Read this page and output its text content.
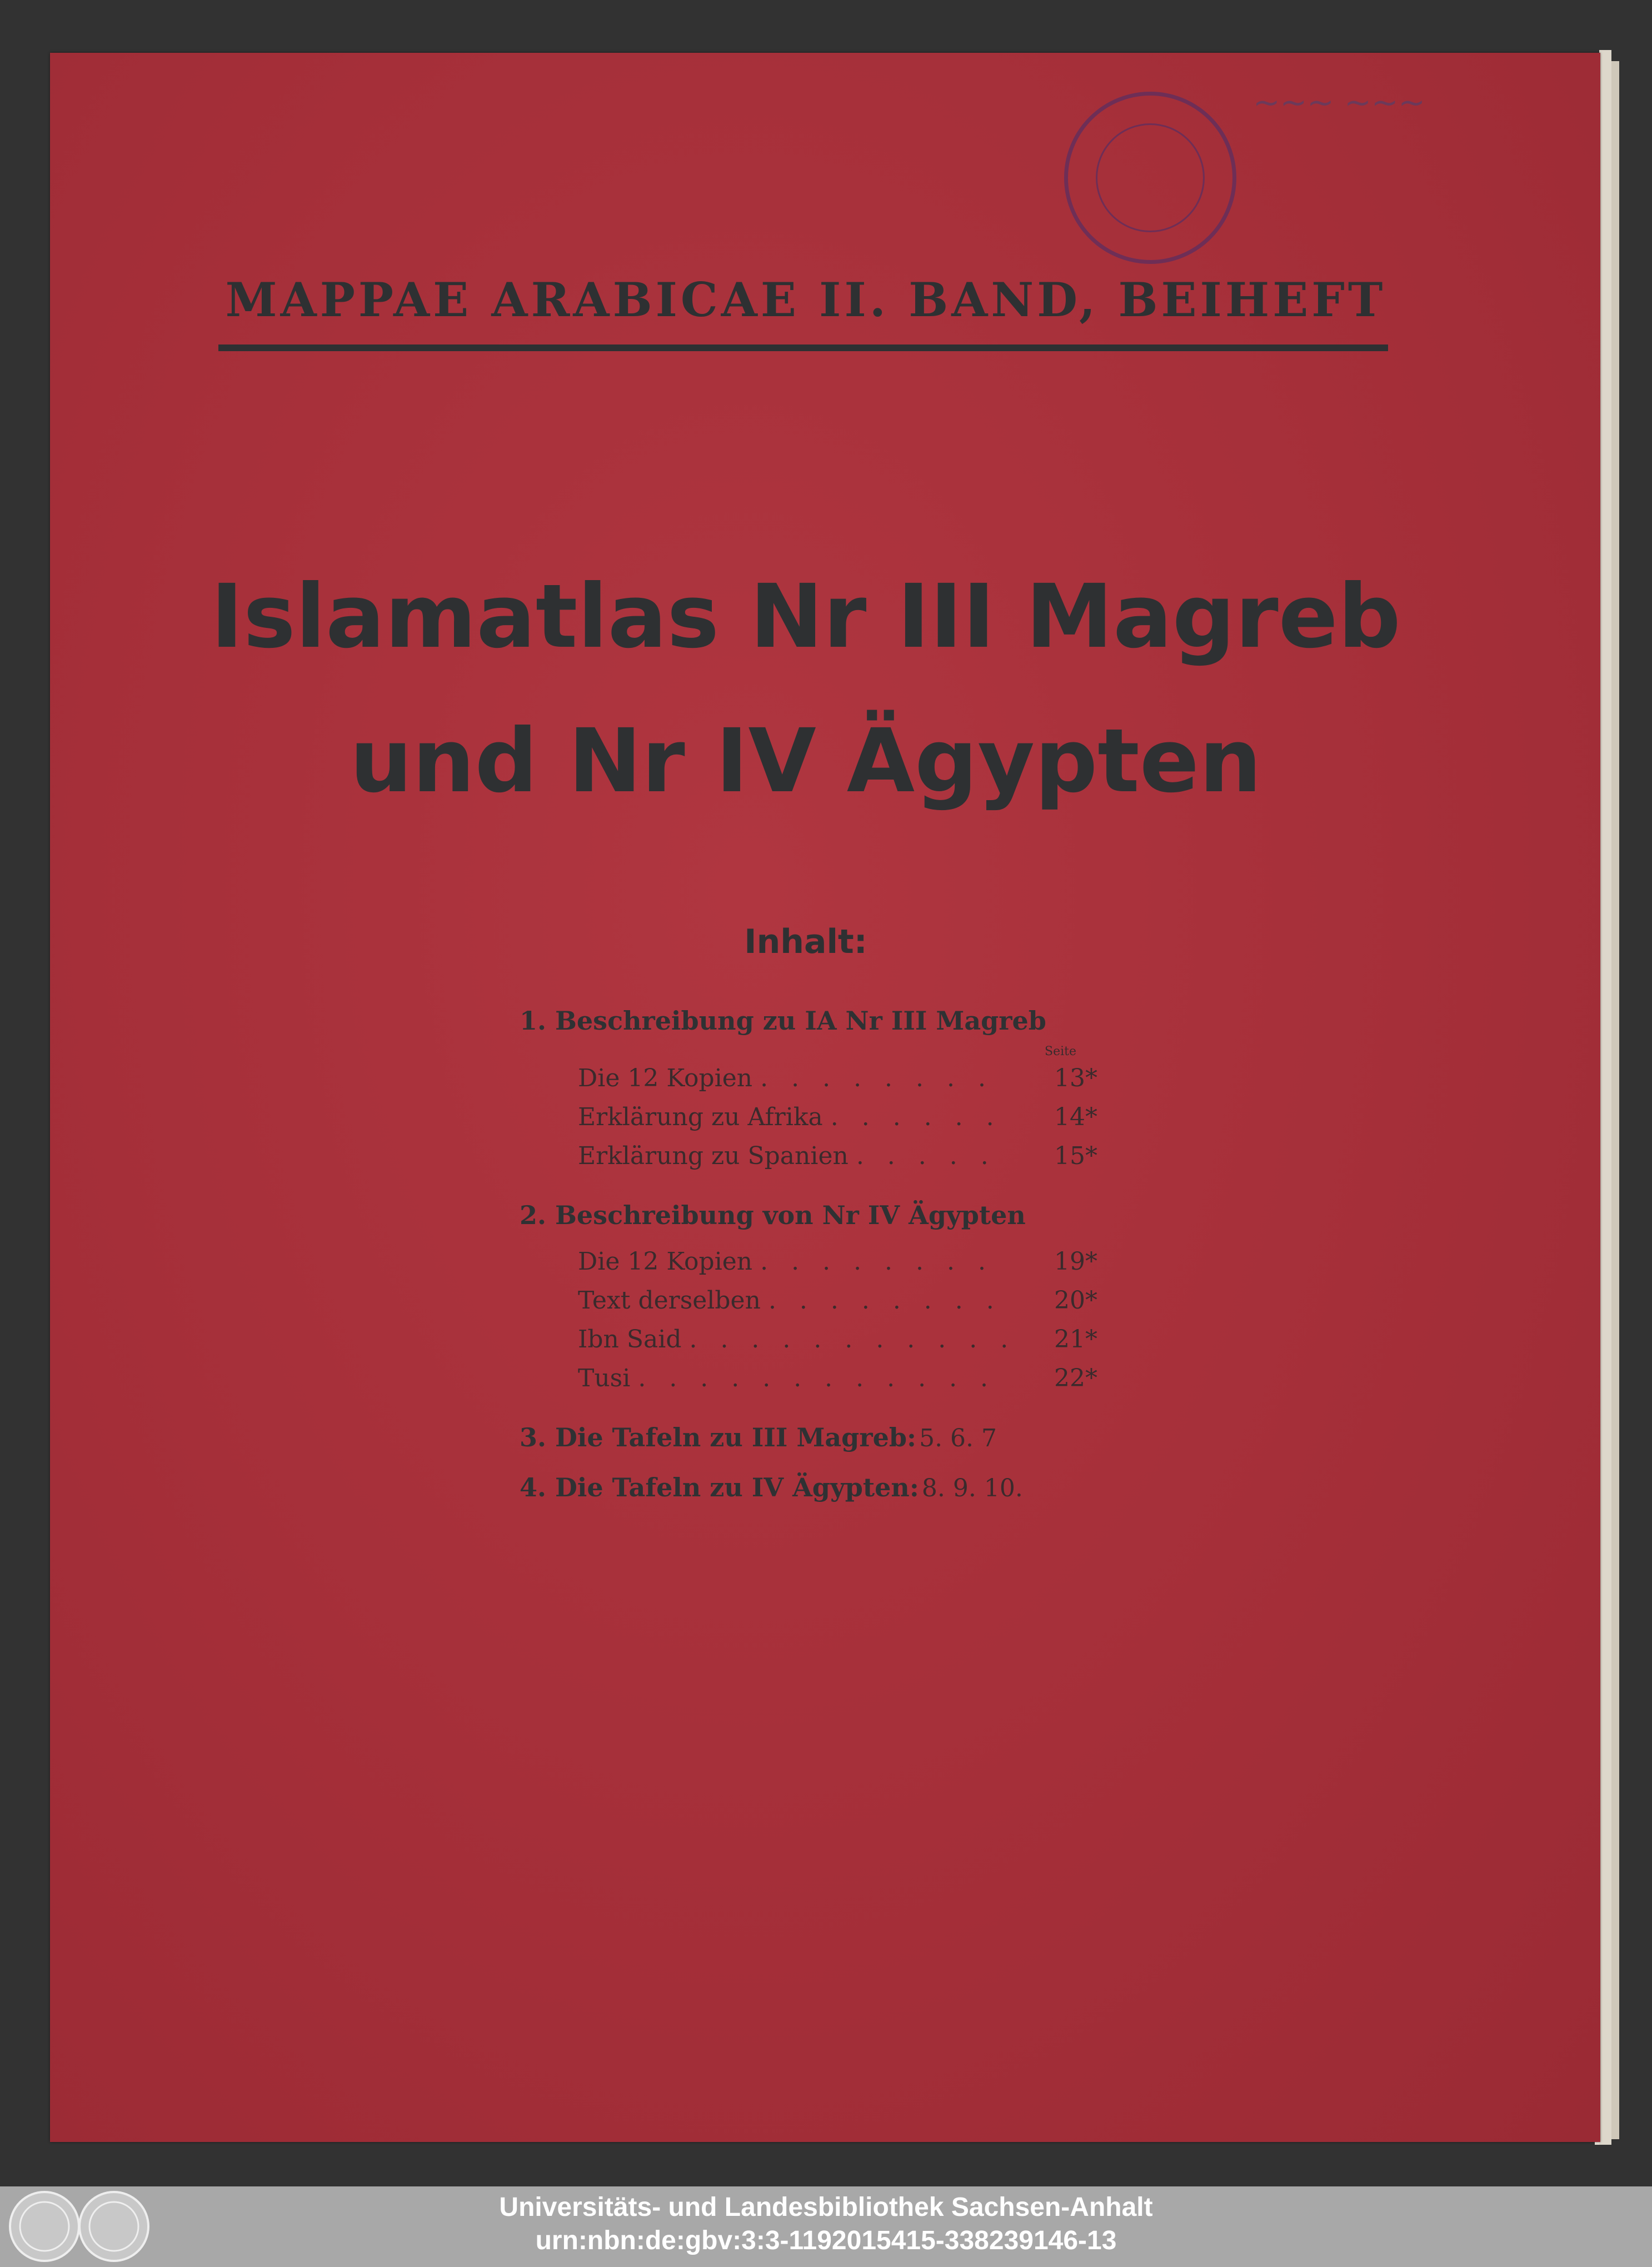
~~~ ~~~
MAPPAE ARABICAE II. BAND, BEIHEFT
Islamatlas Nr III Magreb
und Nr IV Ägypten
Inhalt:
1. Beschreibung zu IA Nr III Magreb
Seite
Die 12 Kopien . . . . . . . .	13*
Erklärung zu Afrika . . . . . .	14*
Erklärung zu Spanien . . . . .	15*
2. Beschreibung von Nr IV Ägypten
Die 12 Kopien . . . . . . . .	19*
Text derselben . . . . . . . .	20*
Ibn Said . . . . . . . . . . .	21*
Tusi . . . . . . . . . . . .	22*
3. Die Tafeln zu III Magreb: 5. 6. 7
4. Die Tafeln zu IV Ägypten: 8. 9. 10.
Universitäts- und Landesbibliothek Sachsen-Anhalt
urn:nbn:de:gbv:3:3-1192015415-338239146-13
